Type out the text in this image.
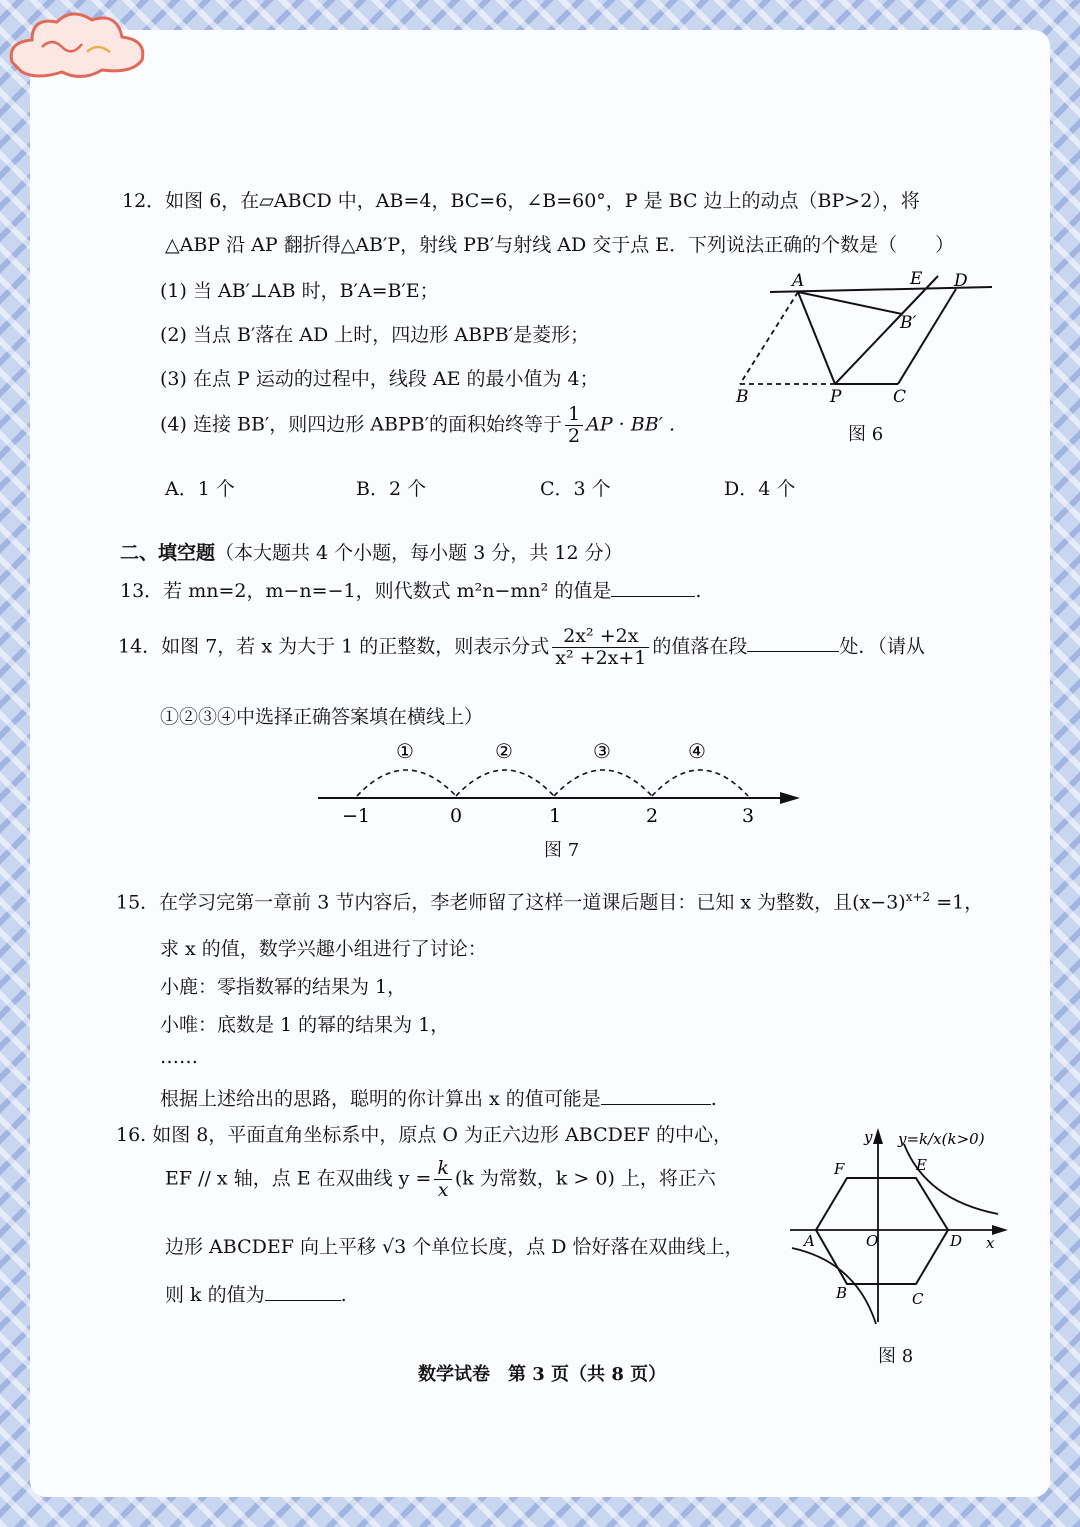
12．如图 6，在▱ABCD 中，AB=4，BC=6，∠B=60°，P 是 BC 边上的动点（BP>2），将
△ABP 沿 AP 翻折得△AB′P，射线 PB′与射线 AD 交于点 E．下列说法正确的个数是（　　）
(1) 当 AB′⊥AB 时，B′A=B′E；
(2) 当点 B′落在 AD 上时，四边形 ABPB′是菱形；
(3) 在点 P 运动的过程中，线段 AE 的最小值为 4；
(4) 连接 BB′，则四边形 ABPB′的面积始终等于 $\frac{1}{2}$ AP · BB′ .
A．1 个	B．2 个	C．3 个	D．4 个
A	E D
B′
B	P	C
图 6
二、填空题（本大题共 4 个小题，每小题 3 分，共 12 分）
13．若 mn=2，m−n=−1，则代数式 m²n−mn² 的值是	.
14．如图 7，若 x 为大于 1 的正整数，则表示分式 $\frac{\text{2x² +2x}}{\text{x² +2x+1}}$ 的值落在段	处．（请从
①②③④中选择正确答案填在横线上）
①	②	③	④
−1	0	1	2	3
图 7
15．在学习完第一章前 3 节内容后，李老师留了这样一道课后题目：已知 x 为整数，且$(x-3)^{x+2} =1$，
求 x 的值，数学兴趣小组进行了讨论：
小鹿：零指数幂的结果为 1，
小唯：底数是 1 的幂的结果为 1，
……
根据上述给出的思路，聪明的你计算出 x 的值可能是	.
16. 如图 8，平面直角坐标系中，原点 O 为正六边形 ABCDEF 的中心，
EF // x 轴，点 E 在双曲线 $y = \frac{k}{x} (k$ 为常数，k > 0) 上，将正六
边形 ABCDEF 向上平移 √3 个单位长度，点 D 恰好落在双曲线上，
则 k 的值为	.
y y=k/x(k>0)
F	E
A	O	D x
B	C
图 8
数学试卷　第 3 页（共 8 页）
